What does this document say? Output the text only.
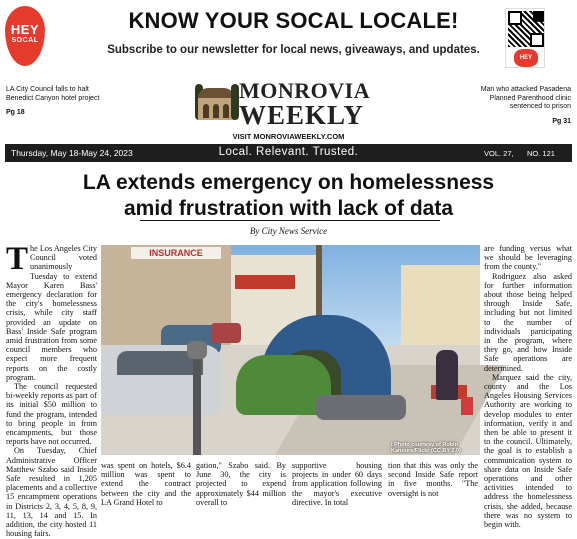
HEY
SOCAL
KNOW YOUR SOCAL LOCALE!
Subscribe to our newsletter for local news, giveaways, and updates.
HEY SOCAL
LA City Council falls to halt Benedict Canyon hotel project
Pg 18
Man who attacked Pasadena Planned Parenthood clinic sentenced to prison
Pg 31
MONROVIA
WEEKLY
VISIT MONROVIAWEEKLY.COM
Thursday, May 18-May 24, 2023	Local. Relevant. Trusted.	VOL. 27, NO. 121
LA extends emergency on homelessness
amid frustration with lack of data
By City News Service

The Los Angeles City Council voted unanimously Tuesday to extend Mayor Karen Bass' emergency declaration for the city's homelessness crisis, while city staff provided an update on Bass' Inside Safe program amid frustration from some council members who expect more frequent reports on the costly program.

The council requested bi-weekly reports as part of its initial $50 million to fund the program, intended to bring people in from encampments, but those reports have not occurred.

On Tuesday, Chief Administrative Officer Matthew Szabo said Inside Safe resulted in 1,205 placements and a collective 15 encampment operations in Districts 2, 3, 4, 5, 8, 9, 11, 13, 14 and 15. In addition, the city hosted 11 housing fairs.

INSURANCE
| Photo courtesy of Robin Kanoure/Flickr (CC BY 2.0)
was spent on hotels, $6.4 million was spent to extend the contract between the city and the LA Grand Hotel to
gation," Szabo said. By June 30, the city is projected to expend approximately $44 million overall to
supportive housing projects in under 60 days from application following the mayor's executive directive. In total
tion that this was only the second Inside Safe report in five months. "The oversight is not

are funding versus what we should be leveraging from the county."

Rodriguez also asked for further information about those being helped through Inside Safe, including but not limited to the number of individuals participating in the program, where they go, and how Inside Safe operations are determined.

Marquez said the city, county and the Los Angeles Housing Services Authority are working to develop modules to enter information, verify it and then be able to present it to the council. Ultimately, the goal is to establish a communication system to share data on Inside Safe operations and other activities intended to address the homelessness crisis, she added, because there was no system to begin with.
